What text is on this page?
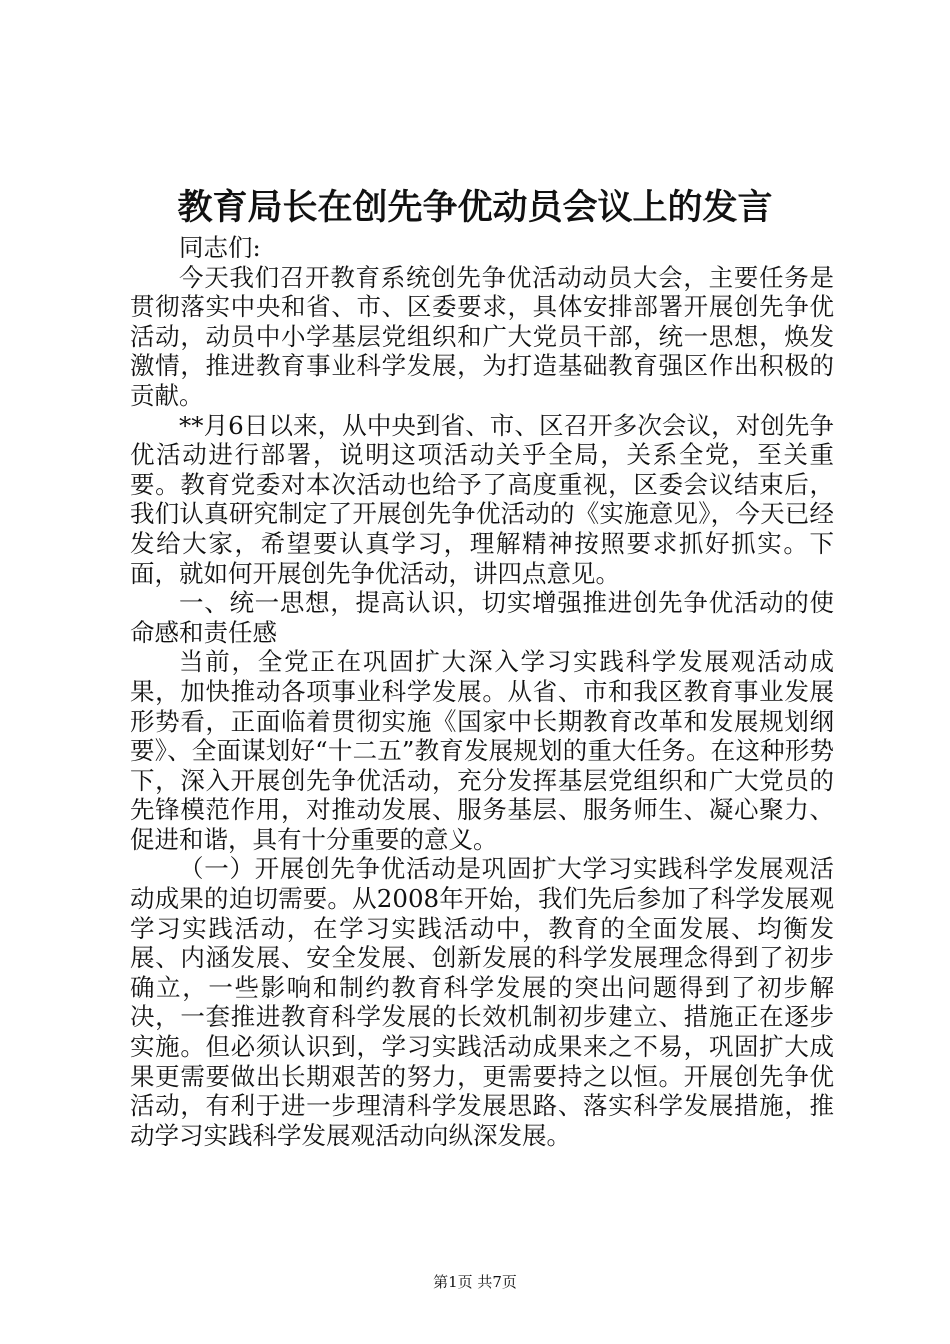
教育局长在创先争优动员会议上的发言

同志们:

今天我们召开教育系统创先争优活动动员大会，主要任务是贯彻落实中央和省、市、区委要求，具体安排部署开展创先争优活动，动员中小学基层党组织和广大党员干部，统一思想，焕发激情，推进教育事业科学发展，为打造基础教育强区作出积极的贡献。

**月6日以来，从中央到省、市、区召开多次会议，对创先争优活动进行部署，说明这项活动关乎全局，关系全党，至关重要。教育党委对本次活动也给予了高度重视，区委会议结束后，我们认真研究制定了开展创先争优活动的《实施意见》，今天已经发给大家，希望要认真学习，理解精神按照要求抓好抓实。下面，就如何开展创先争优活动，讲四点意见。

一、统一思想，提高认识，切实增强推进创先争优活动的使命感和责任感

当前，全党正在巩固扩大深入学习实践科学发展观活动成果，加快推动各项事业科学发展。从省、市和我区教育事业发展形势看，正面临着贯彻实施《国家中长期教育改革和发展规划纲要》、全面谋划好“十二五”教育发展规划的重大任务。在这种形势下，深入开展创先争优活动，充分发挥基层党组织和广大党员的先锋模范作用，对推动发展、服务基层、服务师生、凝心聚力、促进和谐，具有十分重要的意义。

（一）开展创先争优活动是巩固扩大学习实践科学发展观活动成果的迫切需要。从2008年开始，我们先后参加了科学发展观学习实践活动，在学习实践活动中，教育的全面发展、均衡发展、内涵发展、安全发展、创新发展的科学发展理念得到了初步确立，一些影响和制约教育科学发展的突出问题得到了初步解决，一套推进教育科学发展的长效机制初步建立、措施正在逐步实施。但必须认识到，学习实践活动成果来之不易，巩固扩大成果更需要做出长期艰苦的努力，更需要持之以恒。开展创先争优活动，有利于进一步理清科学发展思路、落实科学发展措施，推动学习实践科学发展观活动向纵深发展。

第1页 共7页
